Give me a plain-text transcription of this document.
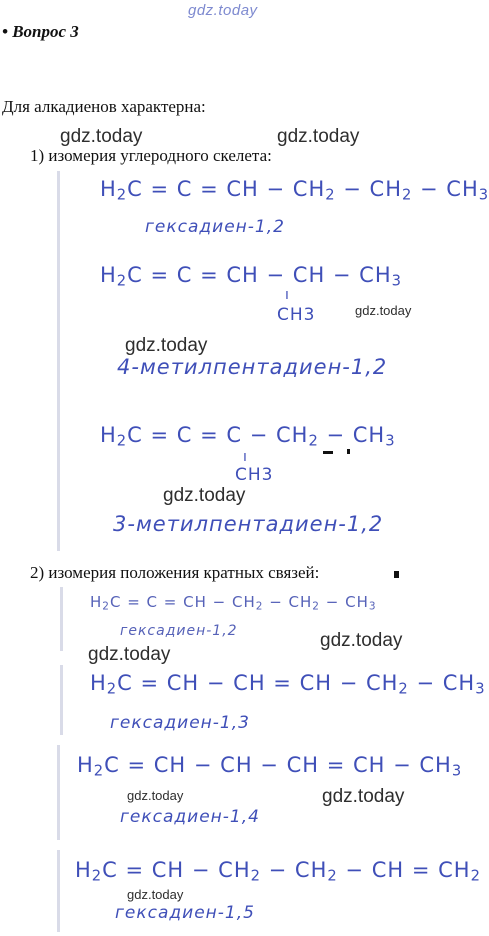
gdz.today
• Вопрос 3
Для алкадиенов характерна:
gdz.today	gdz.today
1) изомерия углеродного скелета:
$H_2C = C$ = CH − $CH_2 - CH_2 - CH_3$
гексадиен-1,2
$H_2C = C$ = CH − CH − $CH_3$
ı
CH3	gdz.today
gdz.today
4-метилпентадиен-1,2
$H_2C = C = C - CH_2 - CH_3$
ı
CH3
gdz.today
3-метилпентадиен-1,2
2) изомерия положения кратных связей:
$H_2C = C$ = CH − $CH_2 - CH_2 - CH_3$
гексадиен-1,2	gdz.today
gdz.today
$H_2C$ = CH − CH = CH − $CH_2 - CH_3$
гексадиен-1,3
$H_2C$ = CH − CH − CH = CH − $CH_3$
gdz.today	gdz.today
гексадиен-1,4
$H_2C$ = CH − $CH_2 - CH_2$ − CH = $CH_2$
gdz.today
гексадиен-1,5
